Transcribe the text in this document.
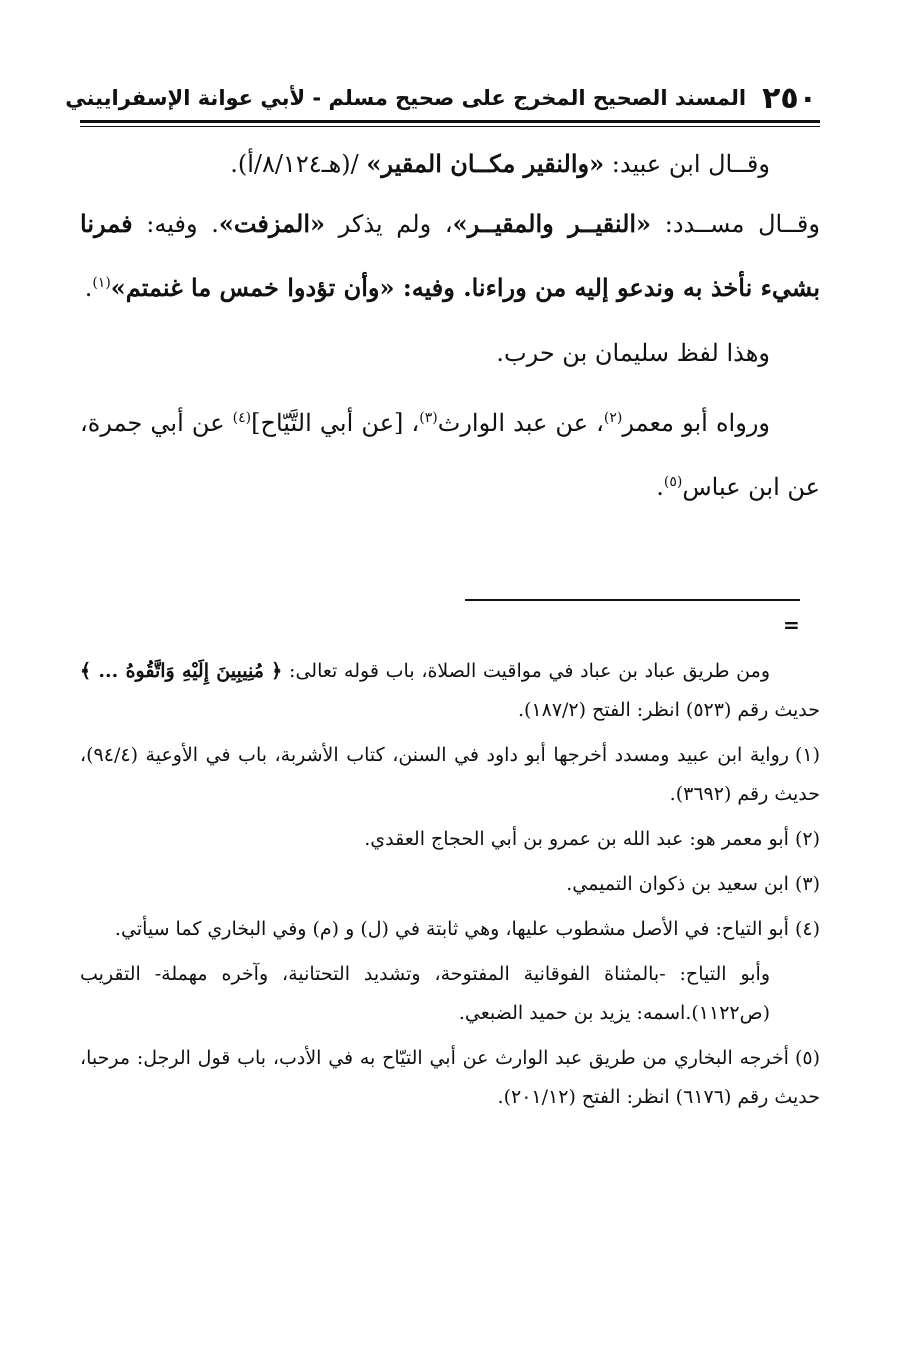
٢٥٠
المسند الصحيح المخرج على صحيح مسلم - لأبي عوانة الإسفراييني

وقــال ابن عبيد: «والنقير مكــان المقير» /(هـ٨/١٢٤/أ).

وقــال مســدد: «النقيــر والمقيــر»، ولم يذكر «المزفت». وفيه: فمرنا بشيء نأخذ به وندعو إليه من وراءنا. وفيه: «وأن تؤدوا خمس ما غنمتم»$^{(١)}$.

وهذا لفظ سليمان بن حرب.

ورواه أبو معمر$^{(٢)}$، عن عبد الوارث$^{(٣)}$، [عن أبي التَّيّاح]$^{(٤)}$ عن أبي جمرة، عن ابن عباس$^{(٥)}$.

=

ومن طريق عباد بن عباد في مواقيت الصلاة، باب قوله تعالى: ﴿ مُنِيبِينَ إِلَيْهِ وَاتَّقُوهُ ... ﴾ حديث رقم (٥٢٣) انظر: الفتح (١٨٧/٢).

(١)رواية ابن عبيد ومسدد أخرجها أبو داود في السنن، كتاب الأشربة، باب في الأوعية (٩٤/٤)، حديث رقم (٣٦٩٢).

(٢)أبو معمر هو: عبد الله بن عمرو بن أبي الحجاج العقدي.

(٣)ابن سعيد بن ذكوان التميمي.

(٤)أبو التياح: في الأصل مشطوب عليها، وهي ثابتة في (ل) و (م) وفي البخاري كما سيأتي.

وأبو التياح: -بالمثناة الفوقانية المفتوحة، وتشديد التحتانية، وآخره مهملة- التقريب (ص١١٢٢).اسمه: يزيد بن حميد الضبعي.

(٥)أخرجه البخاري من طريق عبد الوارث عن أبي التيّاح به في الأدب، باب قول الرجل: مرحبا، حديث رقم (٦١٧٦) انظر: الفتح (٢٠١/١٢).
